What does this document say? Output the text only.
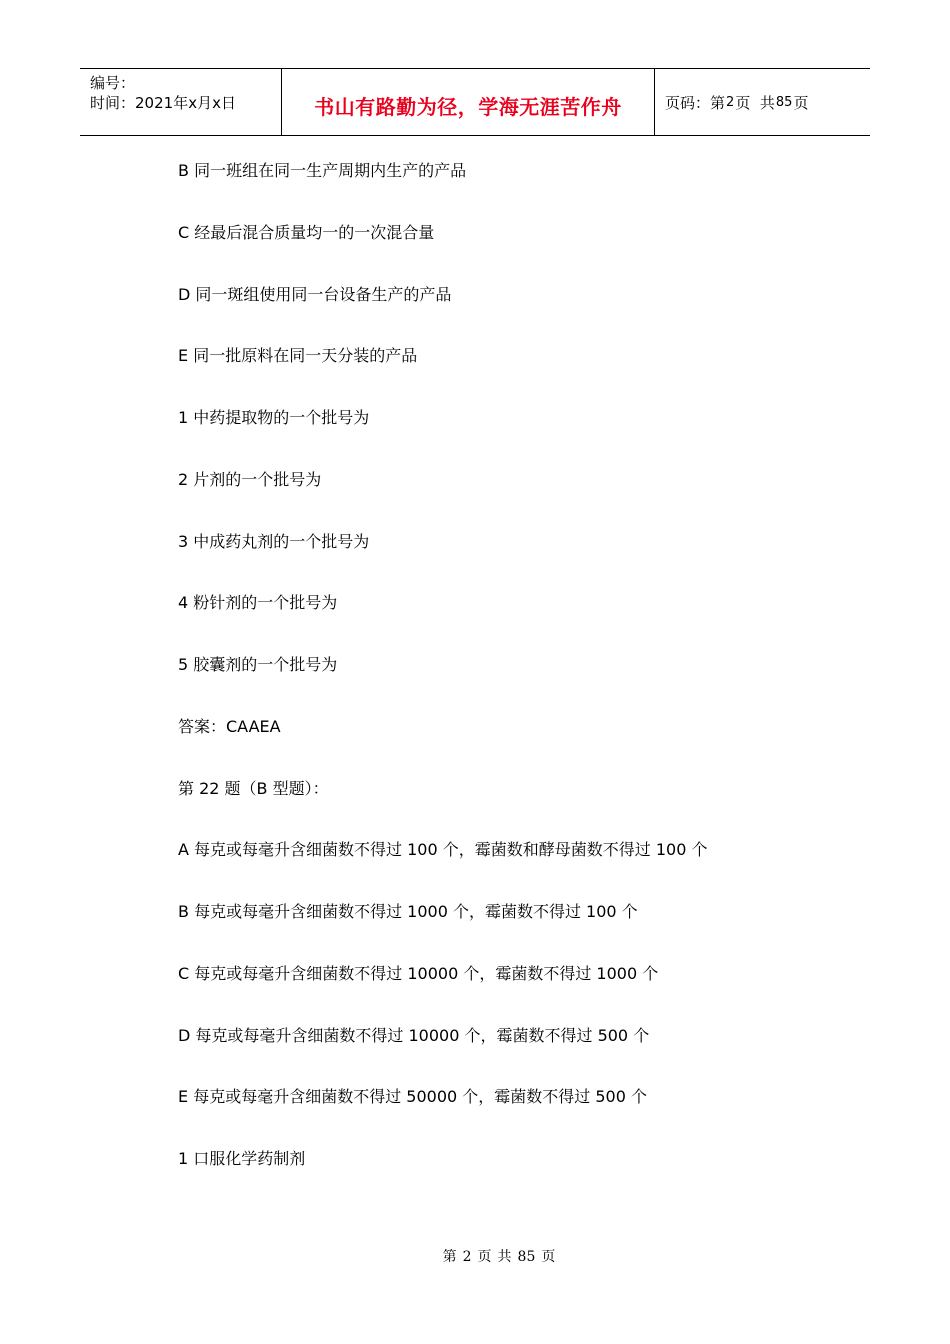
编号：
时间：2021年x月x日	书山有路勤为径，学海无涯苦作舟	页码： 第 2 页
共 85 页
B 同一班组在同一生产周期内生产的产品
C 经最后混合质量均一的一次混合量
D 同一斑组使用同一台设备生产的产品
E 同一批原料在同一天分装的产品
1 中药提取物的一个批号为
2 片剂的一个批号为
3 中成药丸剂的一个批号为
4 粉针剂的一个批号为
5 胶囊剂的一个批号为
答案：CAAEA
第 22 题（B 型题）：
A 每克或每毫升含细菌数不得过 100 个，霉菌数和酵母菌数不得过 100 个
B 每克或每毫升含细菌数不得过 1000 个，霉菌数不得过 100 个
C 每克或每毫升含细菌数不得过 10000 个，霉菌数不得过 1000 个
D 每克或每毫升含细菌数不得过 10000 个，霉菌数不得过 500 个
E 每克或每毫升含细菌数不得过 50000 个，霉菌数不得过 500 个
1 口服化学药制剂
第 2 页 共 85 页
